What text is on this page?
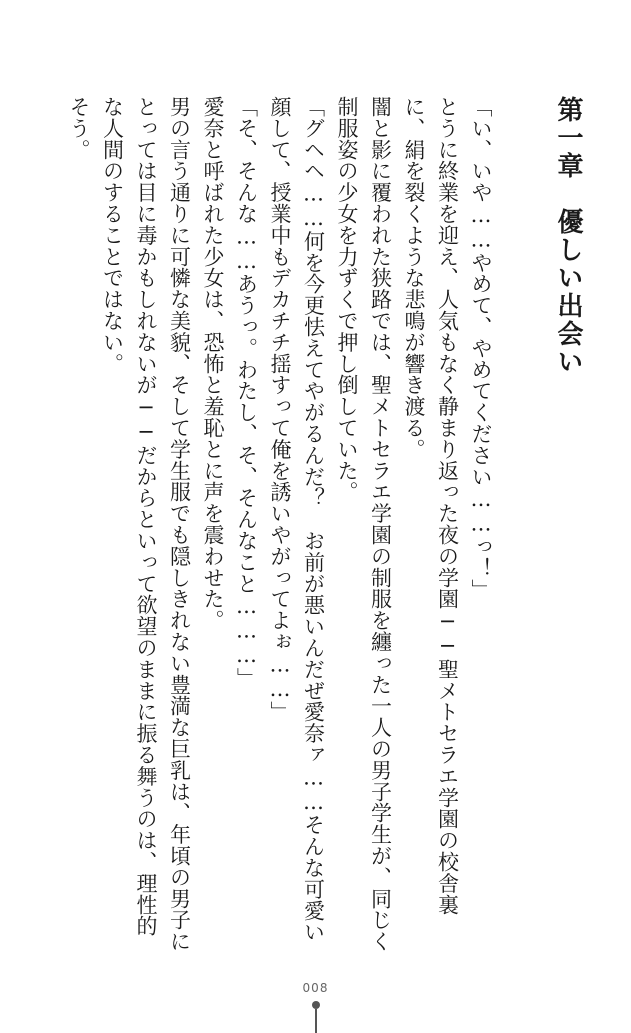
第一章　優しい出会い

「い、いや……やめて、やめてください……っ！」

とうに終業を迎え、人気もなく静まり返った夜の学園──聖メトセラエ学園の校舎裏に、絹を裂くような悲鳴が響き渡る。

闇と影に覆われた狭路では、聖メトセラエ学園の制服を纏った一人の男子学生が、同じく制服姿の少女を力ずくで押し倒していた。

「グヘヘ……何を今更怯えてやがるんだ？　お前が悪いんだぜ愛奈ァ……そんな可愛い顔して、授業中もデカチチ揺すって俺を誘いやがってよぉ……」

「そ、そんな……あうっ。わたし、そ、そんなこと………」

愛奈と呼ばれた少女は、恐怖と羞恥とに声を震わせた。

男の言う通りに可憐な美貌、そして学生服でも隠しきれない豊満な巨乳は、年頃の男子にとっては目に毒かもしれないが──だからといって欲望のままに振る舞うのは、理性的な人間のすることではない。

そう。

008
